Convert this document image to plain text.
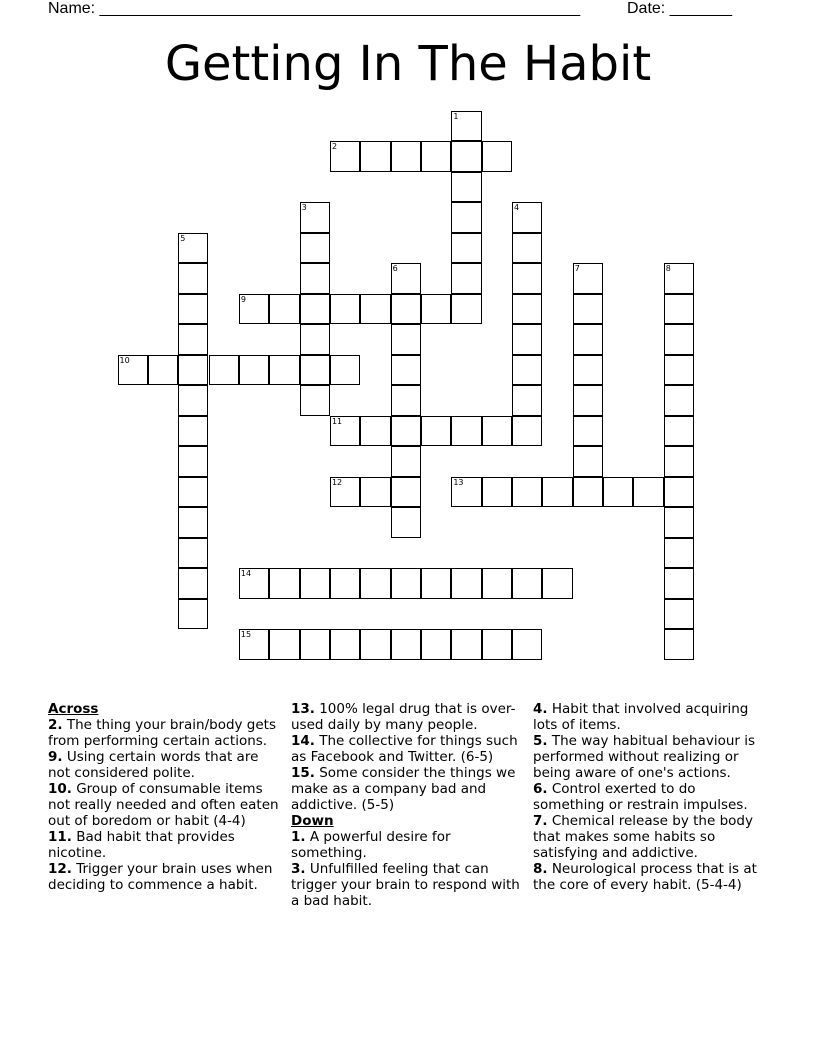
Name: ______________________________________________________	Date: _______
Getting In The Habit
1
2
3	4
5
6	7	8
9
10
11
12	13
14
15
Across
2. The thing your brain/body gets from performing certain actions.
9. Using certain words that are not considered polite.
10. Group of consumable items not really needed and often eaten out of boredom or habit (4-4)
11. Bad habit that provides nicotine.
12. Trigger your brain uses when deciding to commence a habit.
13. 100% legal drug that is over-used daily by many people.
14. The collective for things such as Facebook and Twitter. (6-5)
15. Some consider the things we make as a company bad and addictive. (5-5)
Down
1. A powerful desire for something.
3. Unfulfilled feeling that can trigger your brain to respond with a bad habit.
4. Habit that involved acquiring lots of items.
5. The way habitual behaviour is performed without realizing or being aware of one's actions.
6. Control exerted to do something or restrain impulses.
7. Chemical release by the body that makes some habits so satisfying and addictive.
8. Neurological process that is at the core of every habit. (5-4-4)
